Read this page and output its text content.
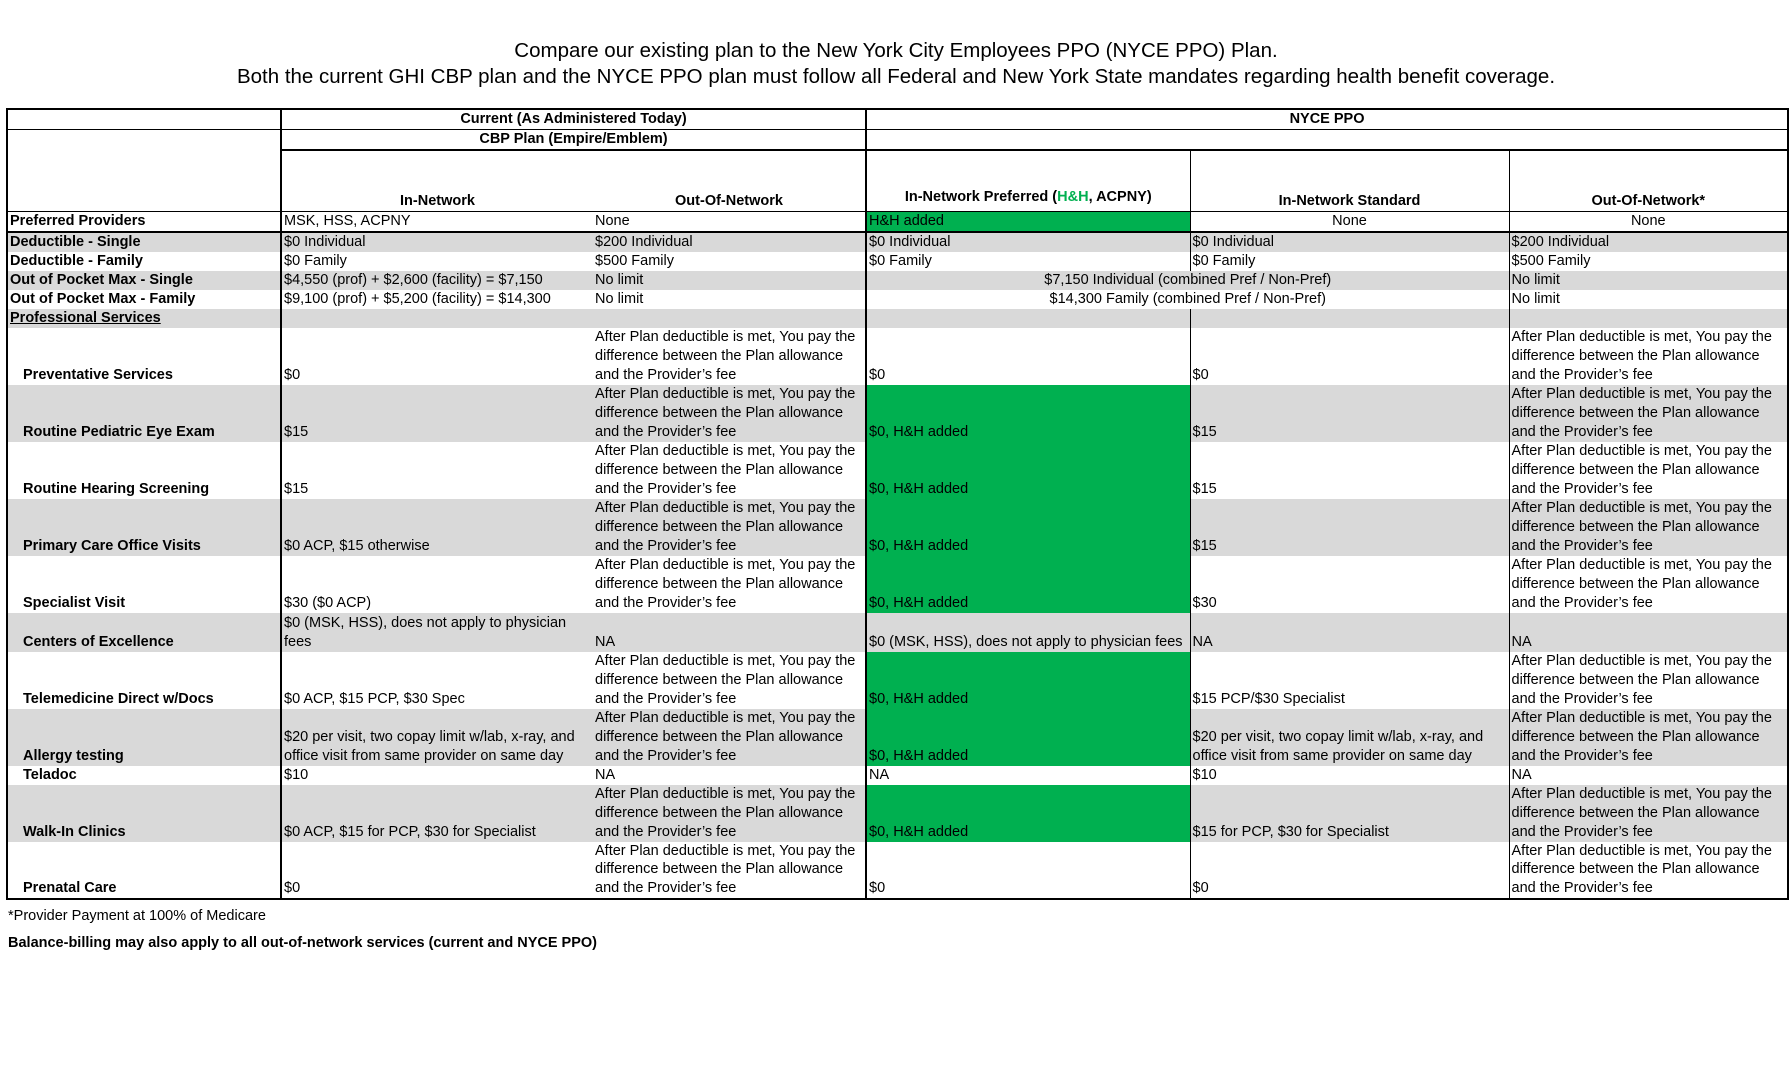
Compare our existing plan to the New York City Employees PPO (NYCE PPO) Plan.
Both the current GHI CBP plan and the NYCE PPO plan must follow all Federal and New York State mandates regarding health benefit coverage.
	Current (As Administered Today)		NYCE PPO		
	CBP Plan (Empire/Emblem)				
	In-Network	Out-Of-Network	In-Network Preferred (H&H, ACPNY)	In-Network Standard	Out-Of-Network*
Preferred Providers	MSK, HSS, ACPNY	None	H&H added	None	None
Deductible - Single	$0 Individual	$200 Individual	$0 Individual	$0 Individual	$200 Individual
Deductible - Family	$0 Family	$500 Family	$0 Family	$0 Family	$500 Family
Out of Pocket Max - Single	$4,550 (prof) + $2,600 (facility) = $7,150	No limit	$7,150 Individual (combined Pref / Non-Pref)		No limit
Out of Pocket Max - Family	$9,100 (prof) + $5,200 (facility) = $14,300	No limit	$14,300 Family (combined Pref / Non-Pref)		No limit
Professional Services					
Preventative Services	$0	After Plan deductible is met, You pay the difference between the Plan allowance and the Provider’s fee	$0	$0	After Plan deductible is met, You pay the difference between the Plan allowance and the Provider’s fee
Routine Pediatric Eye Exam	$15	After Plan deductible is met, You pay the difference between the Plan allowance and the Provider’s fee	$0, H&H added	$15	After Plan deductible is met, You pay the difference between the Plan allowance and the Provider’s fee
Routine Hearing Screening	$15	After Plan deductible is met, You pay the difference between the Plan allowance and the Provider’s fee	$0, H&H added	$15	After Plan deductible is met, You pay the difference between the Plan allowance and the Provider’s fee
Primary Care Office Visits	$0 ACP, $15 otherwise	After Plan deductible is met, You pay the difference between the Plan allowance and the Provider’s fee	$0, H&H added	$15	After Plan deductible is met, You pay the difference between the Plan allowance and the Provider’s fee
Specialist Visit	$30 ($0 ACP)	After Plan deductible is met, You pay the difference between the Plan allowance and the Provider’s fee	$0, H&H added	$30	After Plan deductible is met, You pay the difference between the Plan allowance and the Provider’s fee
Centers of Excellence	$0 (MSK, HSS), does not apply to physician fees	NA	$0 (MSK, HSS), does not apply to physician fees	NA	NA
Telemedicine Direct w/Docs	$0 ACP, $15 PCP, $30 Spec	After Plan deductible is met, You pay the difference between the Plan allowance and the Provider’s fee	$0, H&H added	$15 PCP/$30 Specialist	After Plan deductible is met, You pay the difference between the Plan allowance and the Provider’s fee
Allergy testing	$20 per visit, two copay limit w/lab, x-ray, and office visit from same provider on same day	After Plan deductible is met, You pay the difference between the Plan allowance and the Provider’s fee	$0, H&H added	$20 per visit, two copay limit w/lab, x-ray, and office visit from same provider on same day	After Plan deductible is met, You pay the difference between the Plan allowance and the Provider’s fee
Teladoc	$10	NA	NA	$10	NA
Walk-In Clinics	$0 ACP, $15 for PCP, $30 for Specialist	After Plan deductible is met, You pay the difference between the Plan allowance and the Provider’s fee	$0, H&H added	$15 for PCP, $30 for Specialist	After Plan deductible is met, You pay the difference between the Plan allowance and the Provider’s fee
Prenatal Care	$0	After Plan deductible is met, You pay the difference between the Plan allowance and the Provider’s fee	$0	$0	After Plan deductible is met, You pay the difference between the Plan allowance and the Provider’s fee
*Provider Payment at 100% of Medicare
Balance-billing may also apply to all out-of-network services (current and NYCE PPO)
